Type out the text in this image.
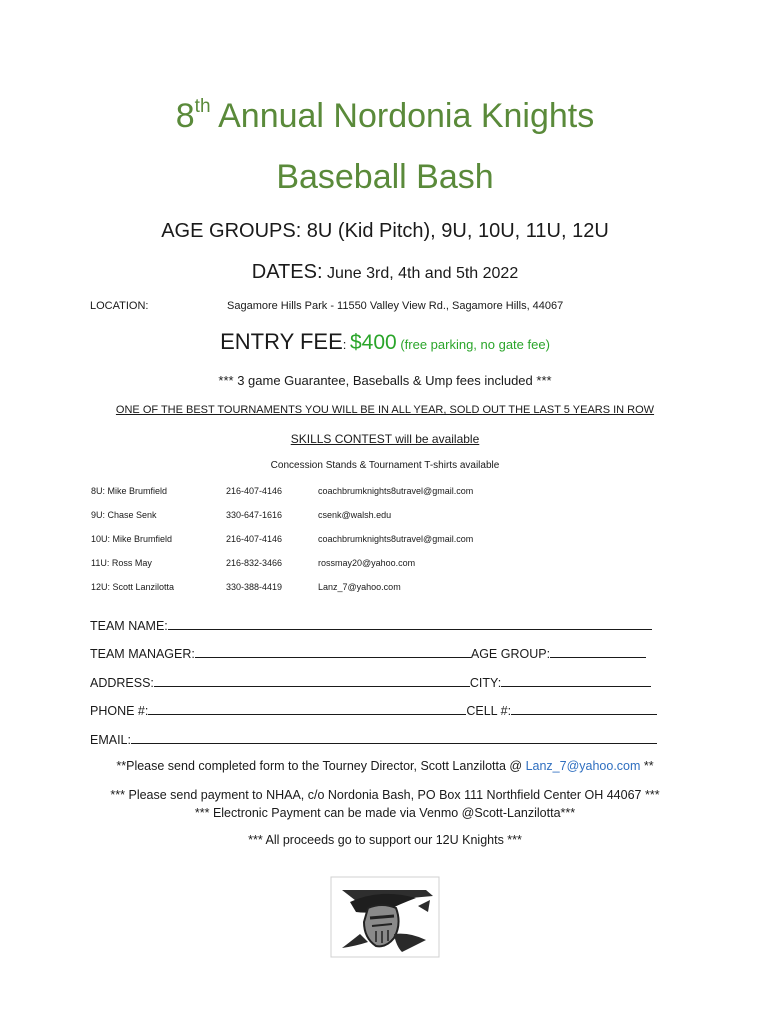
8th Annual Nordonia Knights
Baseball Bash
AGE GROUPS: 8U (Kid Pitch), 9U, 10U, 11U, 12U
DATES: June 3rd, 4th and 5th 2022
LOCATION:	Sagamore Hills Park - 11550 Valley View Rd., Sagamore Hills, 44067
ENTRY FEE: $400 (free parking, no gate fee)
*** 3 game Guarantee, Baseballs & Ump fees included ***
ONE OF THE BEST TOURNAMENTS YOU WILL BE IN ALL YEAR, SOLD OUT THE LAST 5 YEARS IN ROW
SKILLS CONTEST will be available
Concession Stands & Tournament T-shirts available
8U: Mike Brumfield	216-407-4146	coachbrumknights8utravel@gmail.com
9U: Chase Senk	330-647-1616	csenk@walsh.edu
10U: Mike Brumfield	216-407-4146	coachbrumknights8utravel@gmail.com
11U: Ross May	216-832-3466	rossmay20@yahoo.com
12U: Scott Lanzilotta	330-388-4419	Lanz_7@yahoo.com
TEAM NAME:
TEAM MANAGER:	AGE GROUP:
ADDRESS:	CITY:
PHONE #:	CELL #:
EMAIL:
**Please send completed form to the Tourney Director, Scott Lanzilotta @ Lanz_7@yahoo.com **
*** Please send payment to NHAA, c/o Nordonia Bash, PO Box 111 Northfield Center OH 44067 ***
*** Electronic Payment can be made via Venmo @Scott-Lanzilotta***
*** All proceeds go to support our 12U Knights ***
